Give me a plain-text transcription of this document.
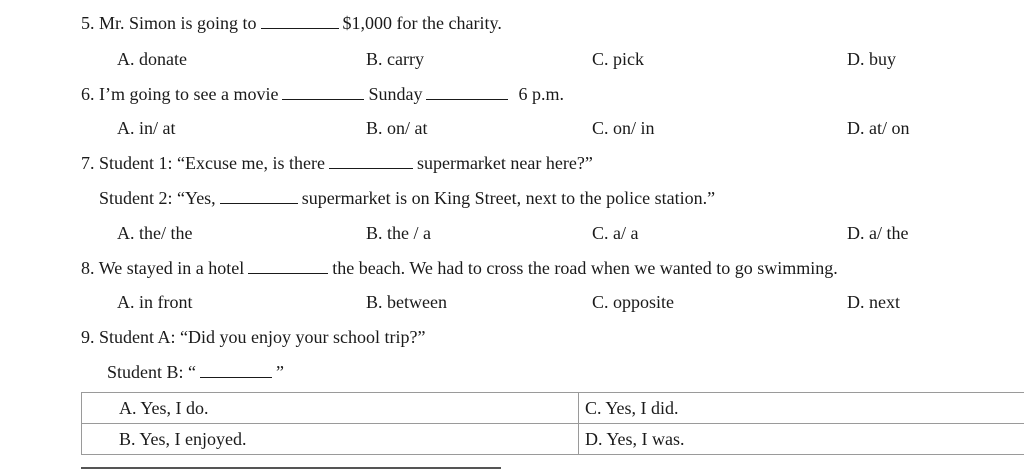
5. Mr. Simon is going to	$1,000 for the charity.
A. donate	B. carry	C. pick	D. buy
6. I’m going to see a movie	Sunday	6 p.m.
A. in/ at	B. on/ at	C. on/ in	D. at/ on
7. Student 1: “Excuse me, is there	supermarket near here?”
Student 2: “Yes,	supermarket is on King Street, next to the police station.”
A. the/ the	B. the / a	C. a/ a	D. a/ the
8. We stayed in a hotel	the beach. We had to cross the road when we wanted to go swimming.
A. in front	B. between	C. opposite	D. next
9. Student A: “Did you enjoy your school trip?”
Student B: “	”
A. Yes, I do.	C. Yes, I did.
B. Yes, I enjoyed.	D. Yes, I was.
